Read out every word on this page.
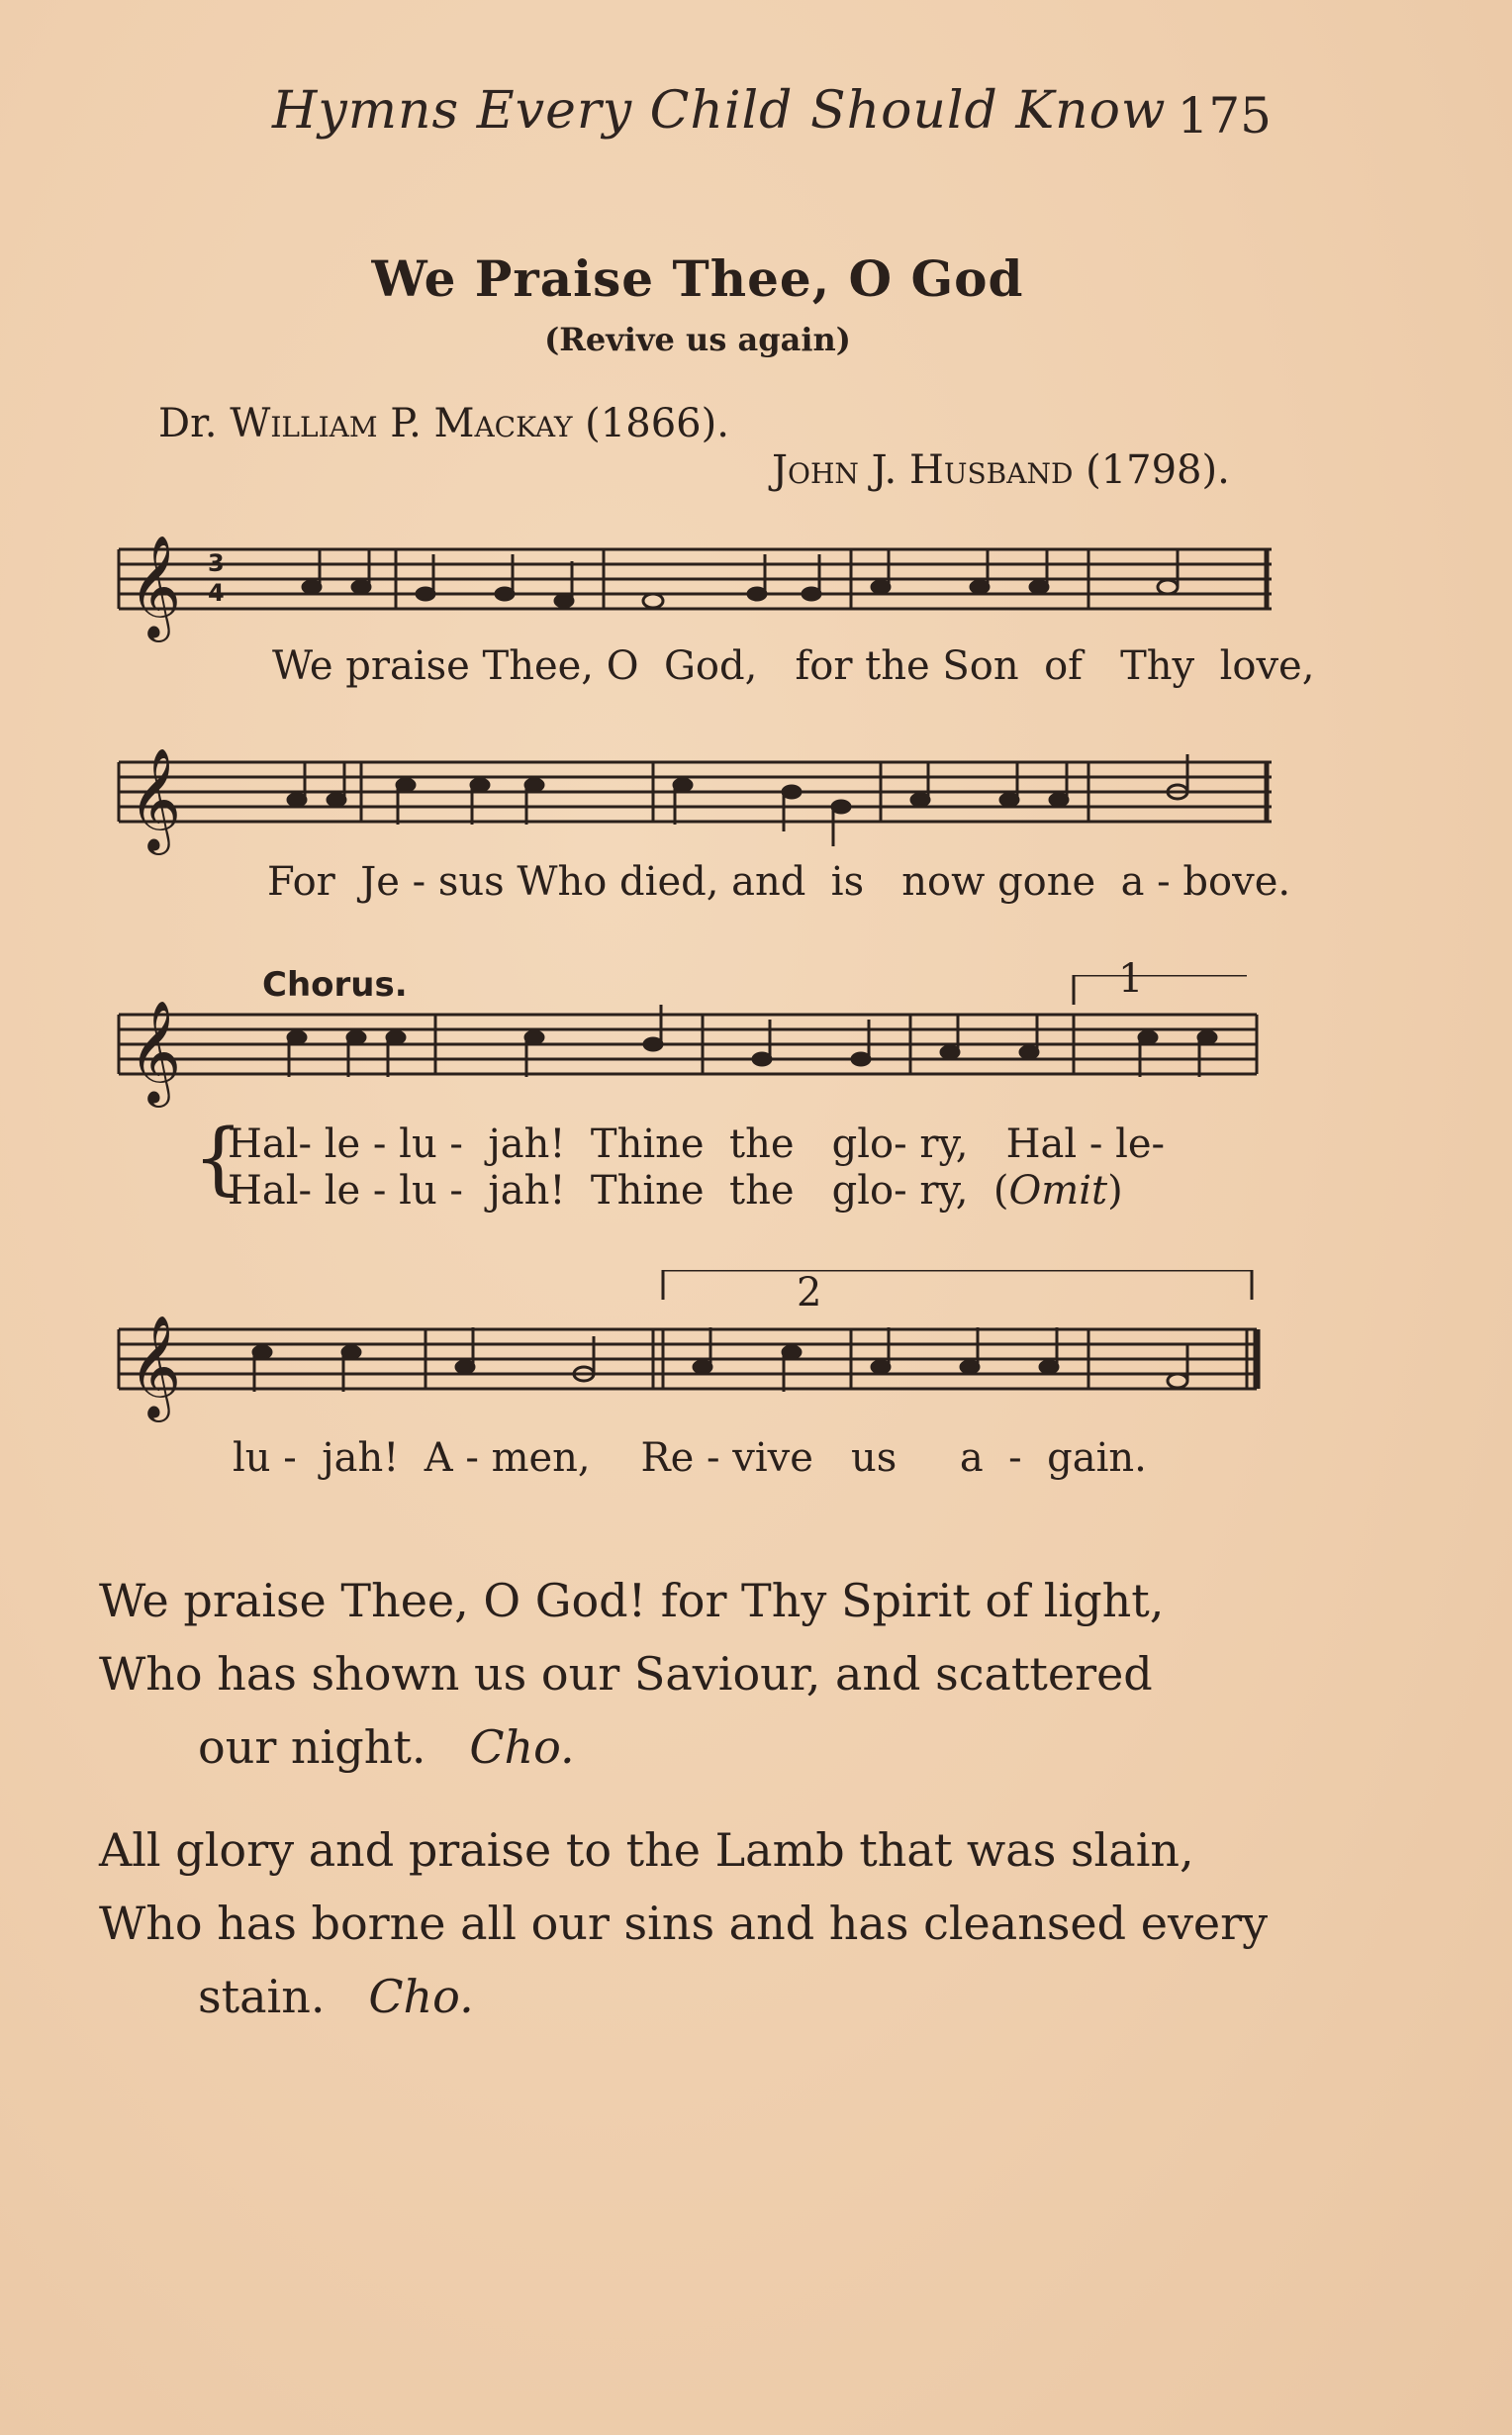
Hymns Every Child Should Know 175
We Praise Thee, O God
(Revive us again)
Dr. William P. Mackay (1866).
John J. Husband (1798).
𝄞 3
4
We praise Thee, O  God,   for the Son  of   Thy  love,
𝄞
For  Je - sus Who died, and  is   now gone  a - bove.
Chorus.	1
𝄞
{
Hal- le - lu -  jah!  Thine  the   glo- ry,   Hal - le-
Hal- le - lu -  jah!  Thine  the   glo- ry,  (Omit)
2
𝄞
lu -  jah!  A - men,    Re - vive   us     a  -  gain.
We praise Thee, O God! for Thy Spirit of light,
Who has shown us our Saviour, and scattered
our night. Cho.
All glory and praise to the Lamb that was slain,
Who has borne all our sins and has cleansed every
stain. Cho.
